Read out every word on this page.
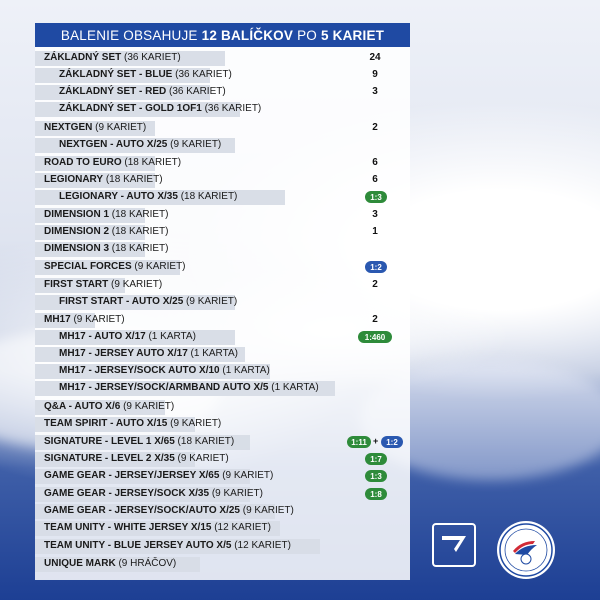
BALENIE OBSAHUJE 12 BALÍČKOV PO 5 KARIET
ZÁKLADNÝ SET (36 KARIET)	24
ZÁKLADNÝ SET - BLUE (36 KARIET)	9
ZÁKLADNÝ SET - RED (36 KARIET)	3
ZÁKLADNÝ SET - GOLD 1OF1 (36 KARIET)
NEXTGEN (9 KARIET)	2
NEXTGEN - AUTO X/25 (9 KARIET)
ROAD TO EURO (18 KARIET)	6
LEGIONARY (18 KARIET)	6
LEGIONARY - AUTO X/35 (18 KARIET)	1:3
DIMENSION 1 (18 KARIET)	3
DIMENSION 2 (18 KARIET)	1
DIMENSION 3 (18 KARIET)
SPECIAL FORCES (9 KARIET)	1:2
FIRST START (9 KARIET)	2
FIRST START - AUTO X/25 (9 KARIET)
MH17 (9 KARIET)	2
MH17 - AUTO X/17 (1 KARTA)	1:460
MH17 - JERSEY AUTO X/17 (1 KARTA)
MH17 - JERSEY/SOCK AUTO X/10 (1 KARTA)
MH17 - JERSEY/SOCK/ARMBAND AUTO X/5 (1 KARTA)
Q&A - AUTO X/6 (9 KARIET)
TEAM SPIRIT - AUTO X/15 (9 KARIET)
SIGNATURE - LEVEL 1 X/65 (18 KARIET)	1:11 + 1:2
SIGNATURE - LEVEL 2 X/35 (9 KARIET)	1:7
GAME GEAR - JERSEY/JERSEY X/65 (9 KARIET)	1:3
GAME GEAR - JERSEY/SOCK X/35 (9 KARIET)	1:8
GAME GEAR - JERSEY/SOCK/AUTO X/25 (9 KARIET)
TEAM UNITY - WHITE JERSEY X/15 (12 KARIET)
TEAM UNITY - BLUE JERSEY AUTO X/5 (12 KARIET)
UNIQUE MARK (9 HRÁČOV)
